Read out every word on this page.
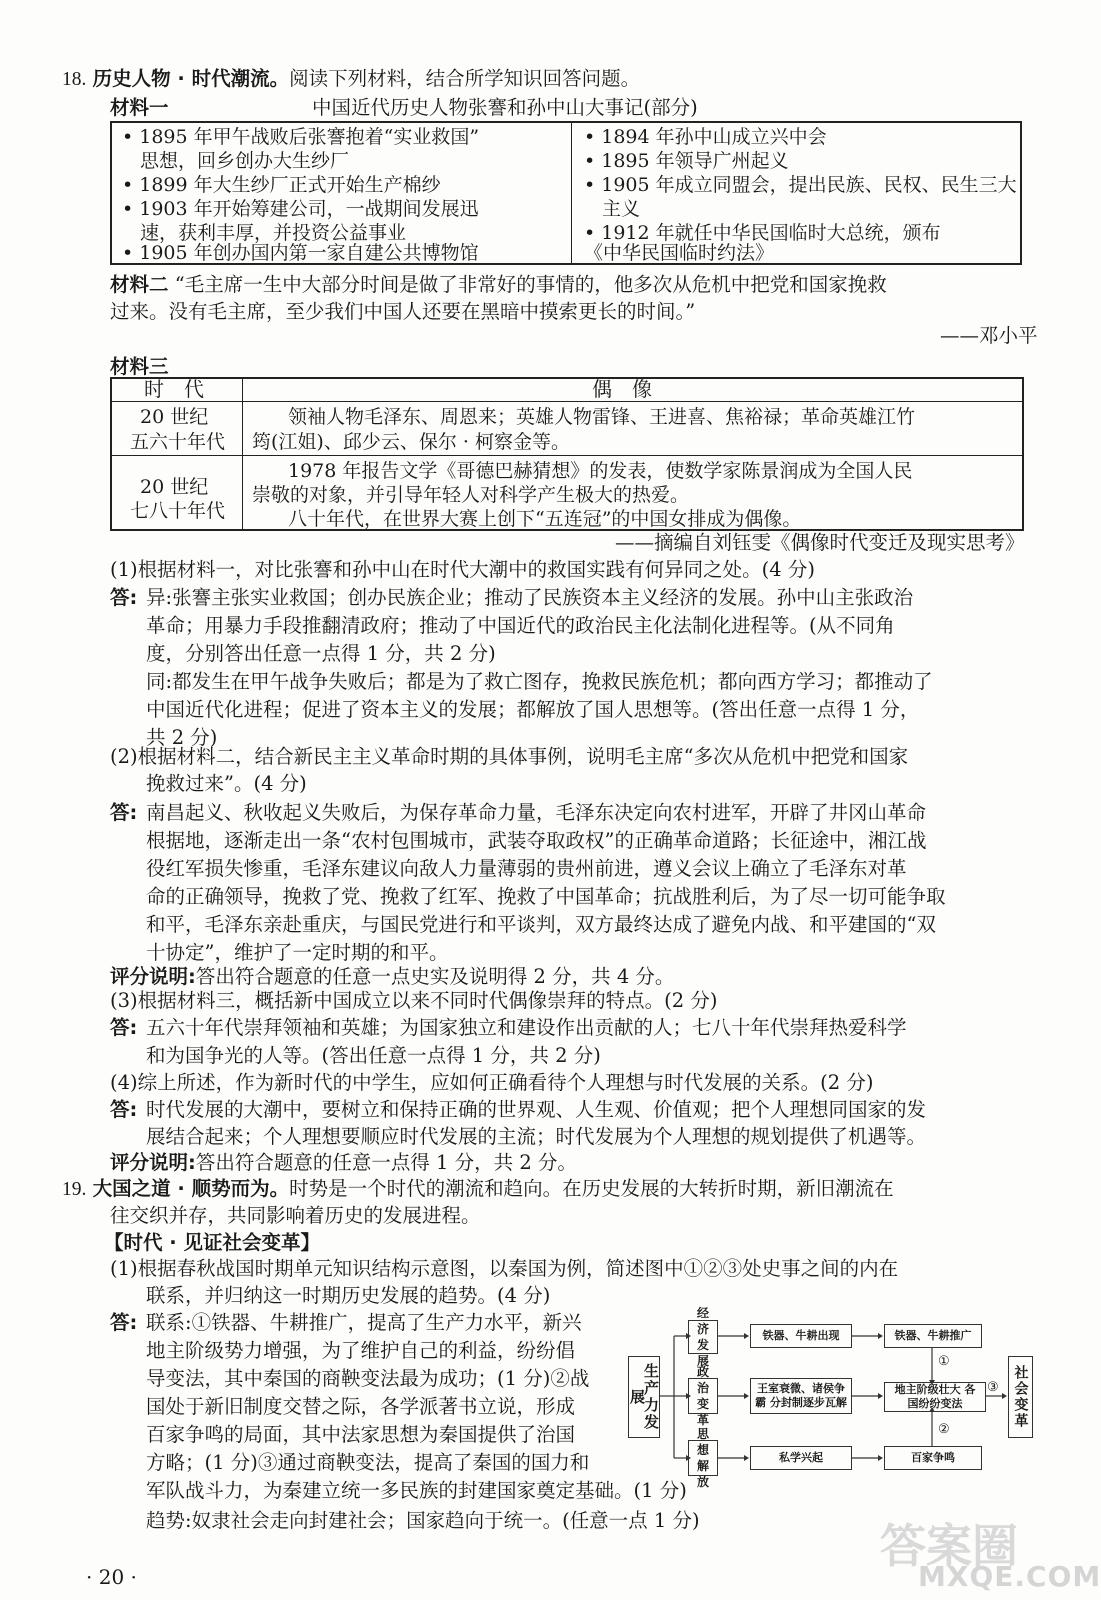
18. 历史人物 · 时代潮流。阅读下列材料，结合所学知识回答问题。
材料一	中国近代历史人物张謇和孙中山大事记(部分)
• 1895 年甲午战败后张謇抱着“实业救国”
思想，回乡创办大生纱厂
• 1899 年大生纱厂正式开始生产棉纱
• 1903 年开始筹建公司，一战期间发展迅
速，获利丰厚，并投资公益事业
• 1905 年创办国内第一家自建公共博物馆
• 1894 年孙中山成立兴中会
• 1895 年领导广州起义
• 1905 年成立同盟会，提出民族、民权、民生三大
主义
• 1912 年就任中华民国临时大总统，颁布
《中华民国临时约法》
材料二 “毛主席一生中大部分时间是做了非常好的事情的，他多次从危机中把党和国家挽救
过来。没有毛主席，至少我们中国人还要在黑暗中摸索更长的时间。”
——邓小平
材料三
时　代	偶　像
20 世纪
五六十年代
领袖人物毛泽东、周恩来；英雄人物雷锋、王进喜、焦裕禄；革命英雄江竹
筠(江姐)、邱少云、保尔 · 柯察金等。
20 世纪
七八十年代
1978 年报告文学《哥德巴赫猜想》的发表，使数学家陈景润成为全国人民
崇敬的对象，并引导年轻人对科学产生极大的热爱。
八十年代，在世界大赛上创下“五连冠”的中国女排成为偶像。
——摘编自刘钰雯《偶像时代变迁及现实思考》
(1)根据材料一，对比张謇和孙中山在时代大潮中的救国实践有何异同之处。(4 分)
答: 异:张謇主张实业救国；创办民族企业；推动了民族资本主义经济的发展。孙中山主张政治
革命；用暴力手段推翻清政府；推动了中国近代的政治民主化法制化进程等。(从不同角
度，分别答出任意一点得 1 分，共 2 分)
同:都发生在甲午战争失败后；都是为了救亡图存，挽救民族危机；都向西方学习；都推动了
中国近代化进程；促进了资本主义的发展；都解放了国人思想等。(答出任意一点得 1 分，
共 2 分)
(2)根据材料二，结合新民主主义革命时期的具体事例，说明毛主席“多次从危机中把党和国家
挽救过来”。(4 分)
答: 南昌起义、秋收起义失败后，为保存革命力量，毛泽东决定向农村进军，开辟了井冈山革命
根据地，逐渐走出一条“农村包围城市，武装夺取政权”的正确革命道路；长征途中，湘江战
役红军损失惨重，毛泽东建议向敌人力量薄弱的贵州前进，遵义会议上确立了毛泽东对革
命的正确领导，挽救了党、挽救了红军、挽救了中国革命；抗战胜利后，为了尽一切可能争取
和平，毛泽东亲赴重庆，与国民党进行和平谈判，双方最终达成了避免内战、和平建国的“双
十协定”，维护了一定时期的和平。
评分说明:答出符合题意的任意一点史实及说明得 2 分，共 4 分。
(3)根据材料三，概括新中国成立以来不同时代偶像崇拜的特点。(2 分)
答: 五六十年代崇拜领袖和英雄；为国家独立和建设作出贡献的人；七八十年代崇拜热爱科学
和为国争光的人等。(答出任意一点得 1 分，共 2 分)
(4)综上所述，作为新时代的中学生，应如何正确看待个人理想与时代发展的关系。(2 分)
答: 时代发展的大潮中，要树立和保持正确的世界观、人生观、价值观；把个人理想同国家的发
展结合起来；个人理想要顺应时代发展的主流；时代发展为个人理想的规划提供了机遇等。
评分说明:答出符合题意的任意一点得 1 分，共 2 分。
19. 大国之道 · 顺势而为。时势是一个时代的潮流和趋向。在历史发展的大转折时期，新旧潮流在
往交织并存，共同影响着历史的发展进程。
【时代 · 见证社会变革】
(1)根据春秋战国时期单元知识结构示意图，以秦国为例，简述图中①②③处史事之间的内在
联系，并归纳这一时期历史发展的趋势。(4 分)
答: 联系:①铁器、牛耕推广，提高了生产力水平，新兴
地主阶级势力增强，为了维护自己的利益，纷纷倡
导变法，其中秦国的商鞅变法最为成功；(1 分)②战
国处于新旧制度交替之际，各学派著书立说，形成
百家争鸣的局面，其中法家思想为秦国提供了治国
方略；(1 分)③通过商鞅变法，提高了秦国的国力和
军队战斗力，为秦建立统一多民族的封建国家奠定基础。(1 分)
趋势:奴隶社会走向封建社会；国家趋向于统一。(任意一点 1 分)
生产力发展
经济发展
政治变革
思想解放
铁器、牛耕出现
王室衰微、诸侯争霸 分封制逐步瓦解
私学兴起
铁器、牛耕推广
地主阶级壮大 各国纷纷变法
百家争鸣
社会变革
①
②
③
答案圈
MXQE.COM
· 20 ·
